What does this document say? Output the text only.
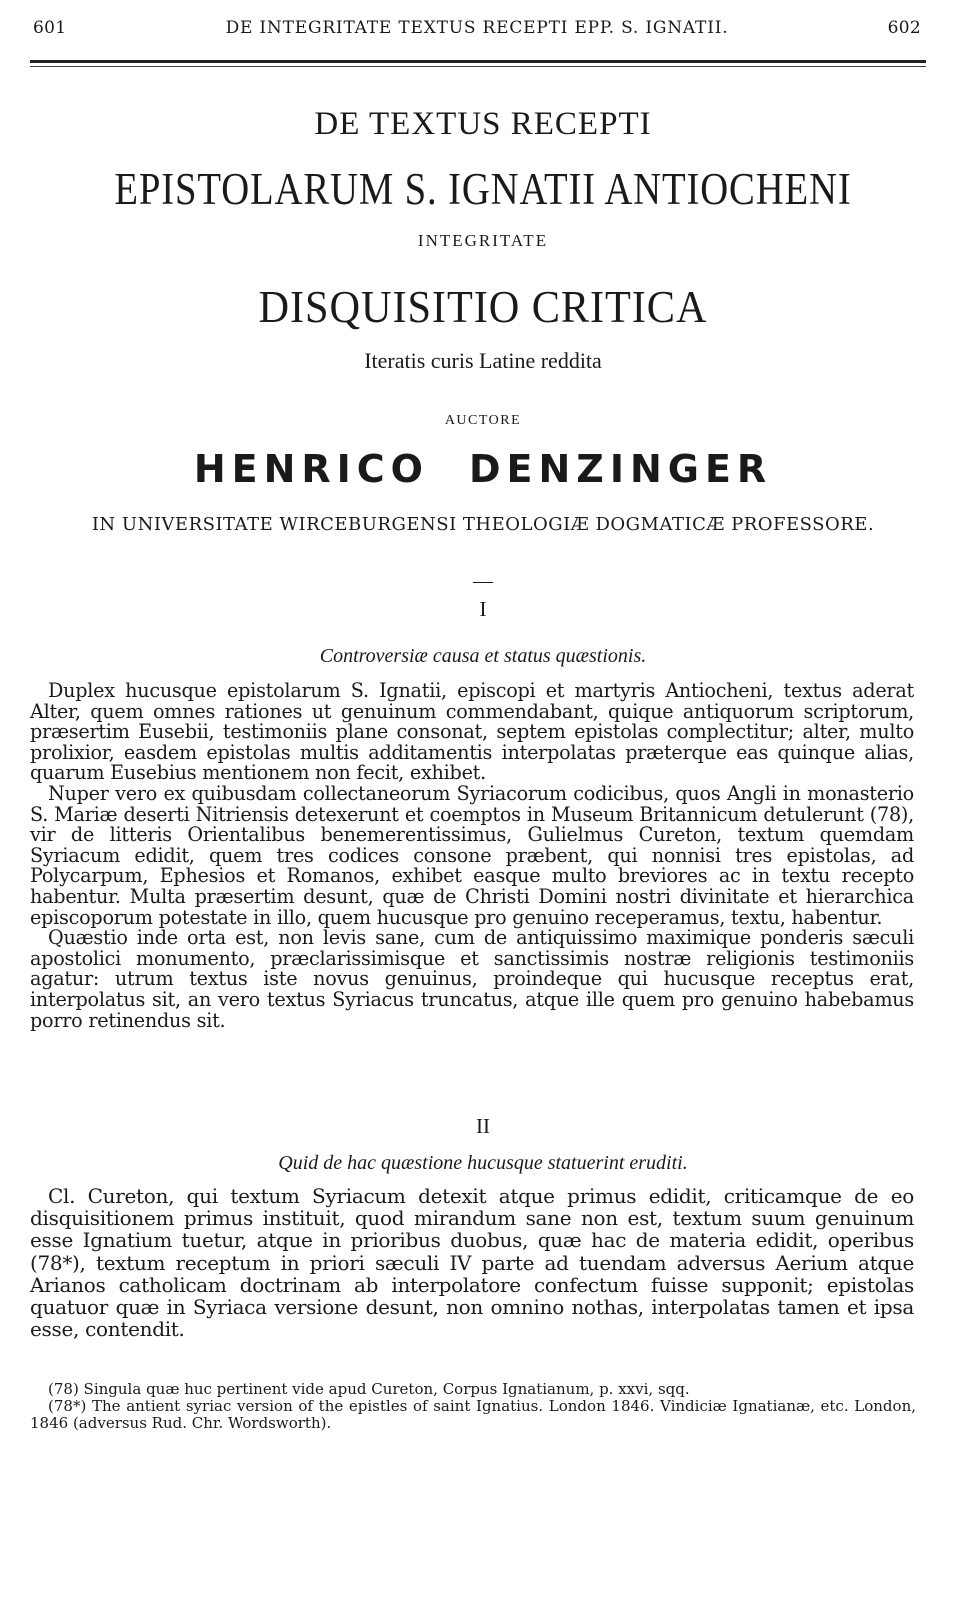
601	DE INTEGRITATE TEXTUS RECEPTI EPP. S. IGNATII.	602
DE TEXTUS RECEPTI
EPISTOLARUM S. IGNATII ANTIOCHENI
INTEGRITATE
DISQUISITIO CRITICA
Iteratis curis Latine reddita
AUCTORE
HENRICO DENZINGER
IN UNIVERSITATE WIRCEBURGENSI THEOLOGIÆ DOGMATICÆ PROFESSORE.
—
I
Controversiæ causa et status quæstionis.

Duplex hucusque epistolarum S. Ignatii, episcopi et martyris Antiocheni, textus aderat Alter, quem omnes rationes ut genuinum commendabant, quique antiquorum scriptorum, præsertim Eusebii, testimoniis plane consonat, septem epistolas complectitur; alter, multo prolixior, easdem epistolas multis additamentis interpolatas præterque eas quinque alias, quarum Eusebius mentionem non fecit, exhibet.

Nuper vero ex quibusdam collectaneorum Syriacorum codicibus, quos Angli in monasterio S. Mariæ deserti Nitriensis detexerunt et coemptos in Museum Britannicum detulerunt (78), vir de litteris Orientalibus benemerentissimus, Gulielmus Cureton, textum quemdam Syriacum edidit, quem tres codices consone præbent, qui nonnisi tres epistolas, ad Polycarpum, Ephesios et Romanos, exhibet easque multo breviores ac in textu recepto habentur. Multa præsertim desunt, quæ de Christi Domini nostri divinitate et hierarchica episcoporum potestate in illo, quem hucusque pro genuino receperamus, textu, habentur.

Quæstio inde orta est, non levis sane, cum de antiquissimo maximique ponderis sæculi apostolici monumento, præclarissimisque et sanctissimis nostræ religionis testimoniis agatur: utrum textus iste novus genuinus, proindeque qui hucusque receptus erat, interpolatus sit, an vero textus Syriacus truncatus, atque ille quem pro genuino habebamus porro retinendus sit.

II
Quid de hac quæstione hucusque statuerint eruditi.

Cl. Cureton, qui textum Syriacum detexit atque primus edidit, criticamque de eo disquisitionem primus instituit, quod mirandum sane non est, textum suum genuinum esse Ignatium tuetur, atque in prioribus duobus, quæ hac de materia edidit, operibus (78*), textum receptum in priori sæculi IV parte ad tuendam adversus Aerium atque Arianos catholicam doctrinam ab interpolatore confectum fuisse supponit; epistolas quatuor quæ in Syriaca versione desunt, non omnino nothas, interpolatas tamen et ipsa esse, contendit.

(78) Singula quæ huc pertinent vide apud Cureton, Corpus Ignatianum, p. xxvi, sqq.

(78*) The antient syriac version of the epistles of saint Ignatius. London 1846. Vindiciæ Ignatianæ, etc. London, 1846 (adversus Rud. Chr. Wordsworth).
